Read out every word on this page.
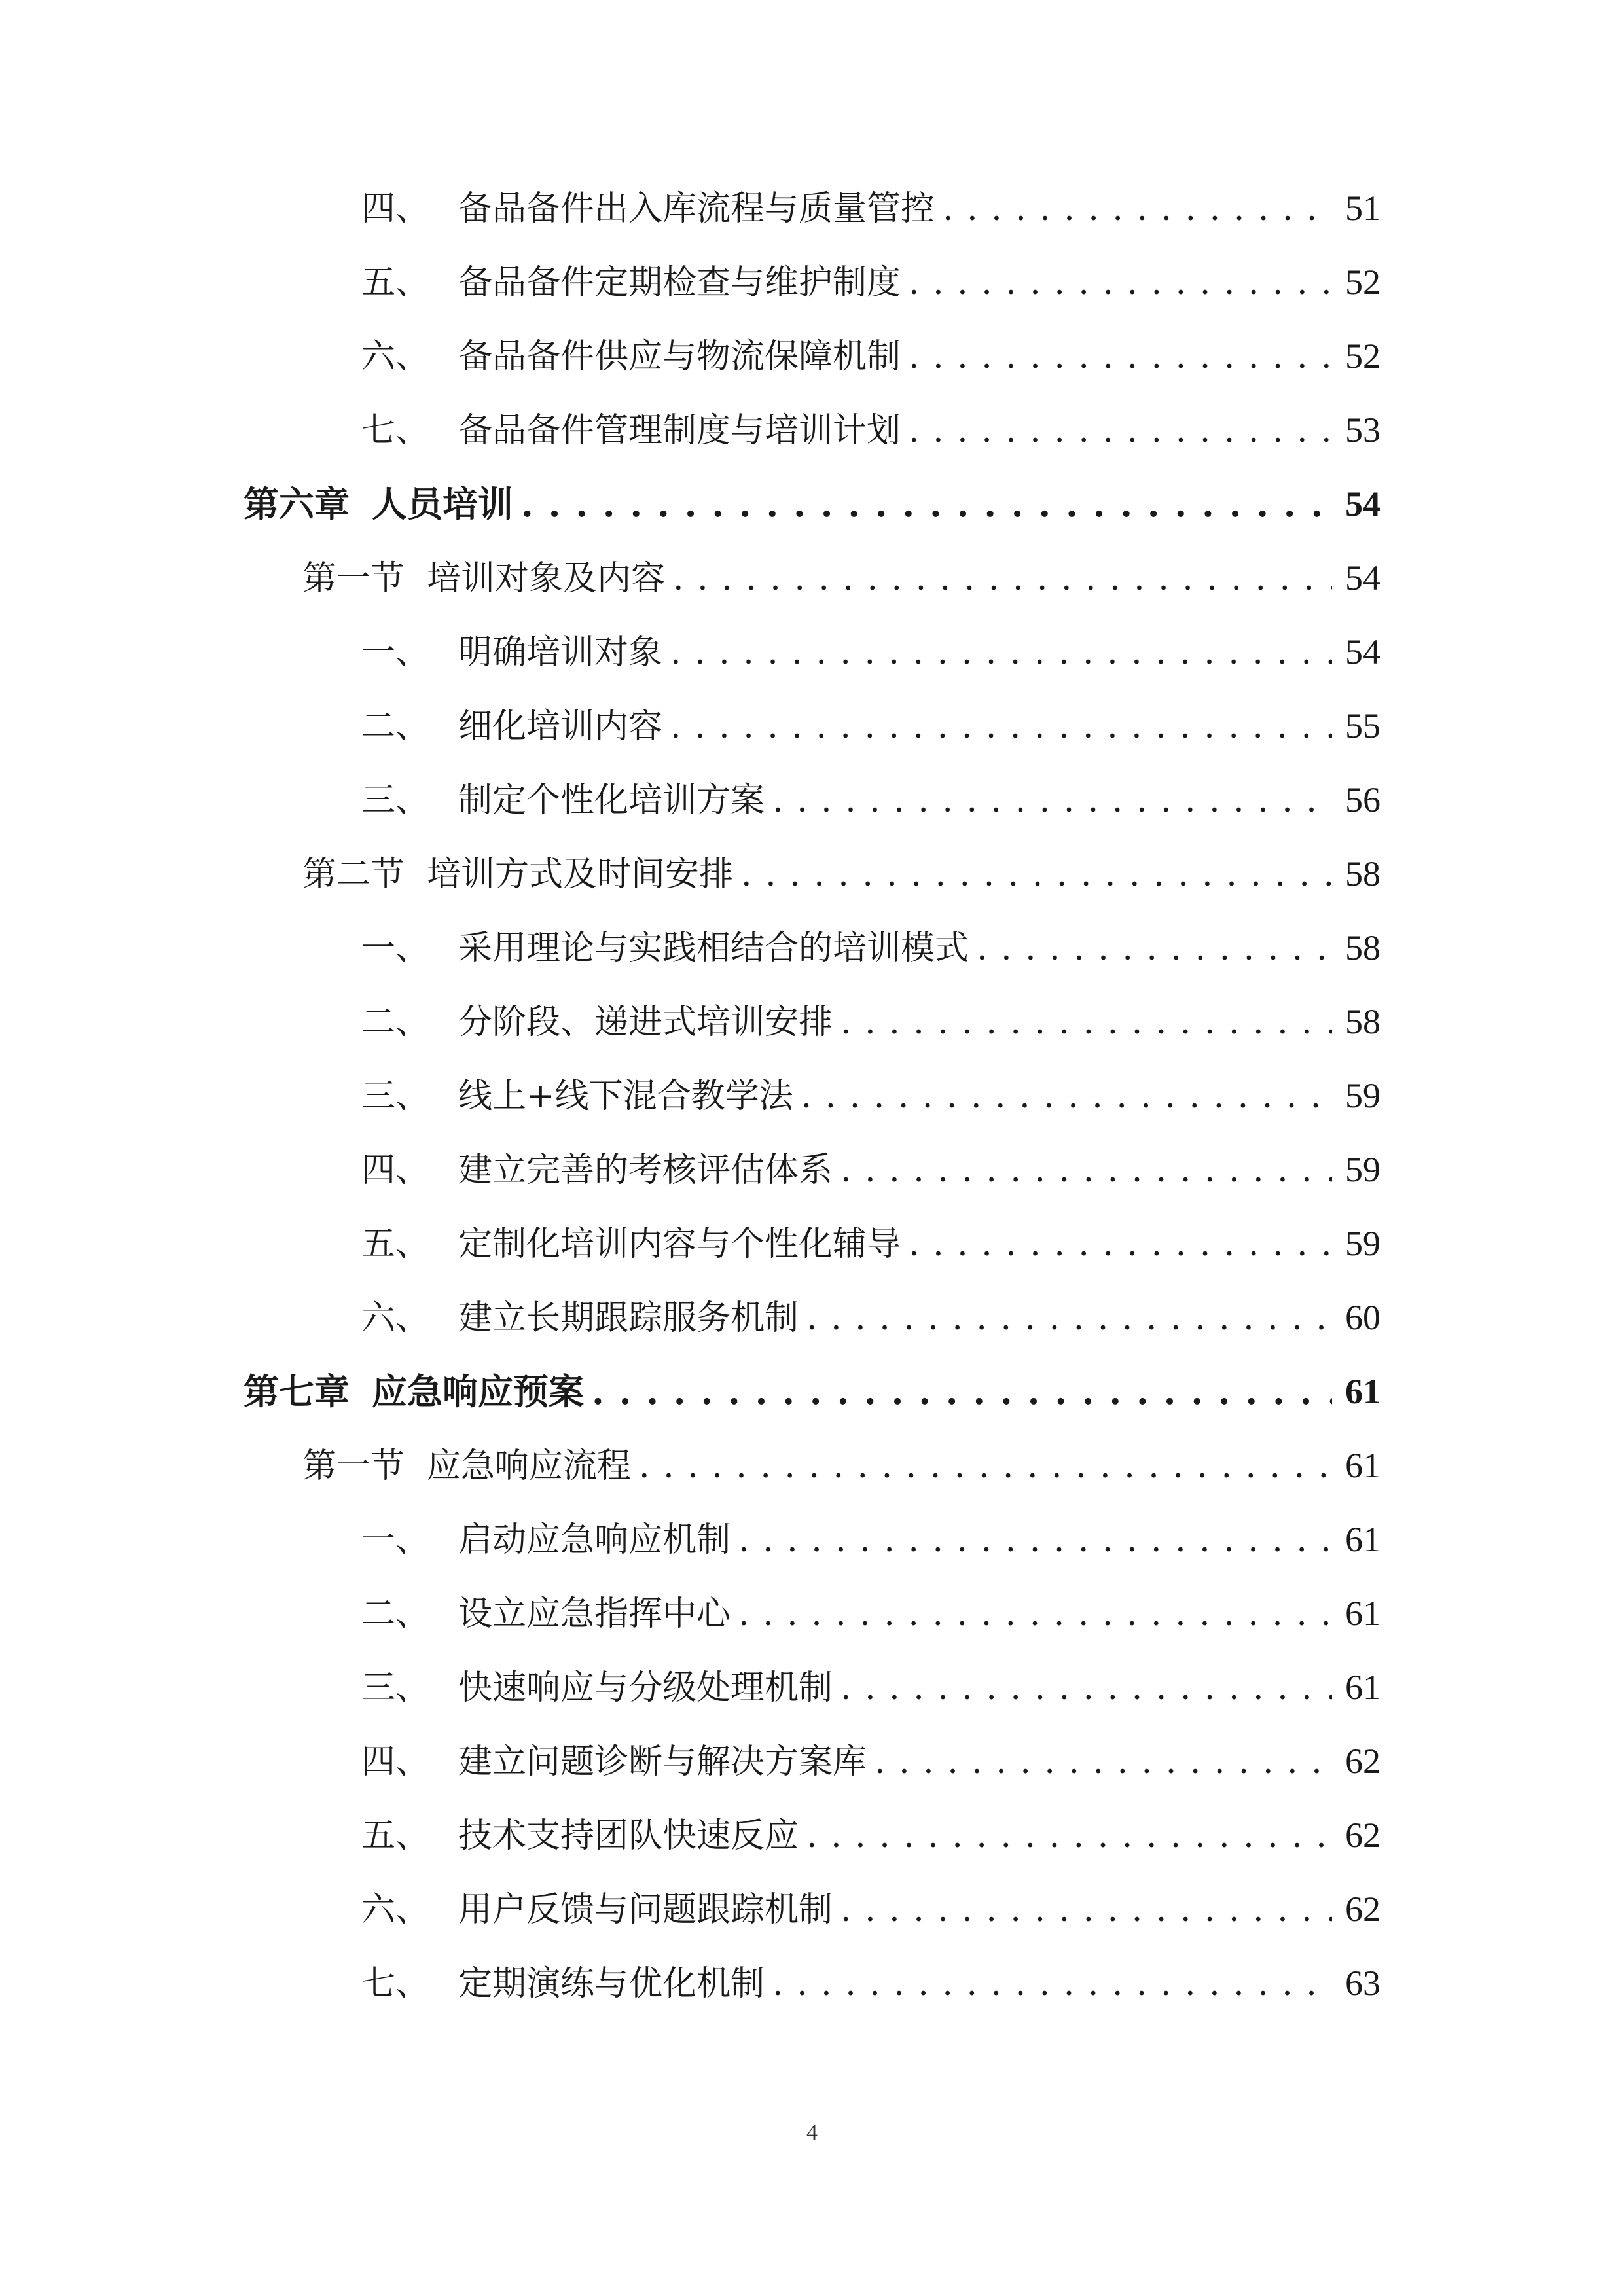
四、 备品备件出入库流程与质量管控 . . .	51
五、 备品备件定期检查与维护制度 . . .	52
六、 备品备件供应与物流保障机制 . . .	52
七、 备品备件管理制度与培训计划 . . .	53
第六章 人员培训 . . .	54
第一节 培训对象及内容 . . .	54
一、 明确培训对象 . . .	54
二、 细化培训内容 . . .	55
三、 制定个性化培训方案 . . .	56
第二节 培训方式及时间安排 . . .	58
一、 采用理论与实践相结合的培训模式 . . .	58
二、 分阶段、递进式培训安排 . . .	58
三、 线上+线下混合教学法 . . .	59
四、 建立完善的考核评估体系 . . .	59
五、 定制化培训内容与个性化辅导 . . .	59
六、 建立长期跟踪服务机制 . . .	60
第七章 应急响应预案 . . .	61
第一节 应急响应流程 . . .	61
一、 启动应急响应机制 . . .	61
二、 设立应急指挥中心 . . .	61
三、 快速响应与分级处理机制 . . .	61
四、 建立问题诊断与解决方案库 . . .	62
五、 技术支持团队快速反应 . . .	62
六、 用户反馈与问题跟踪机制 . . .	62
七、 定期演练与优化机制 . . .	63
4
